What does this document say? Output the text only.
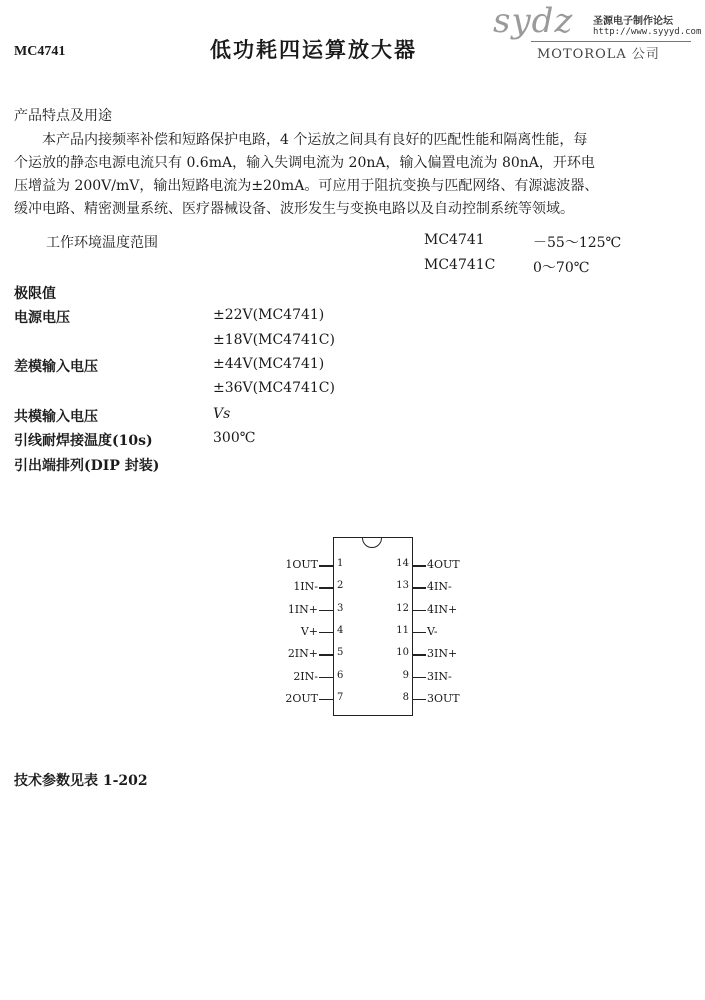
MC4741	低功耗四运算放大器
sydz 圣源电子制作论坛
http://www.syyyd.com
MOTOROLA 公司
产品特点及用途

　　本产品内接频率补偿和短路保护电路，4 个运放之间具有良好的匹配性能和隔离性能，每

个运放的静态电源电流只有 0.6mA，输入失调电流为 20nA，输入偏置电流为 80nA，开环电

压增益为 200V/mV，输出短路电流为±20mA。可应用于阻抗变换与匹配网络、有源滤波器、

缓冲电路、精密测量系统、医疗器械设备、波形发生与变换电路以及自动控制系统等领域。

工作环境温度范围	MC4741	－55～125℃
MC4741C	0～70℃
极限值
电源电压	±22V(MC4741)
±18V(MC4741C)
差模输入电压	±44V(MC4741)
±36V(MC4741C)
共模输入电压	Vs
引线耐焊接温度(10s)	300℃
引出端排列(DIP 封装)
1
1OUT
2
1IN-
3
1IN+
4
V+
5
2IN+
6
2IN-
7
2OUT
14 4OUT
13 4IN-
12 4IN+
11 V-
10 3IN+
9 3IN-
8 3OUT
技术参数见表 1-202
